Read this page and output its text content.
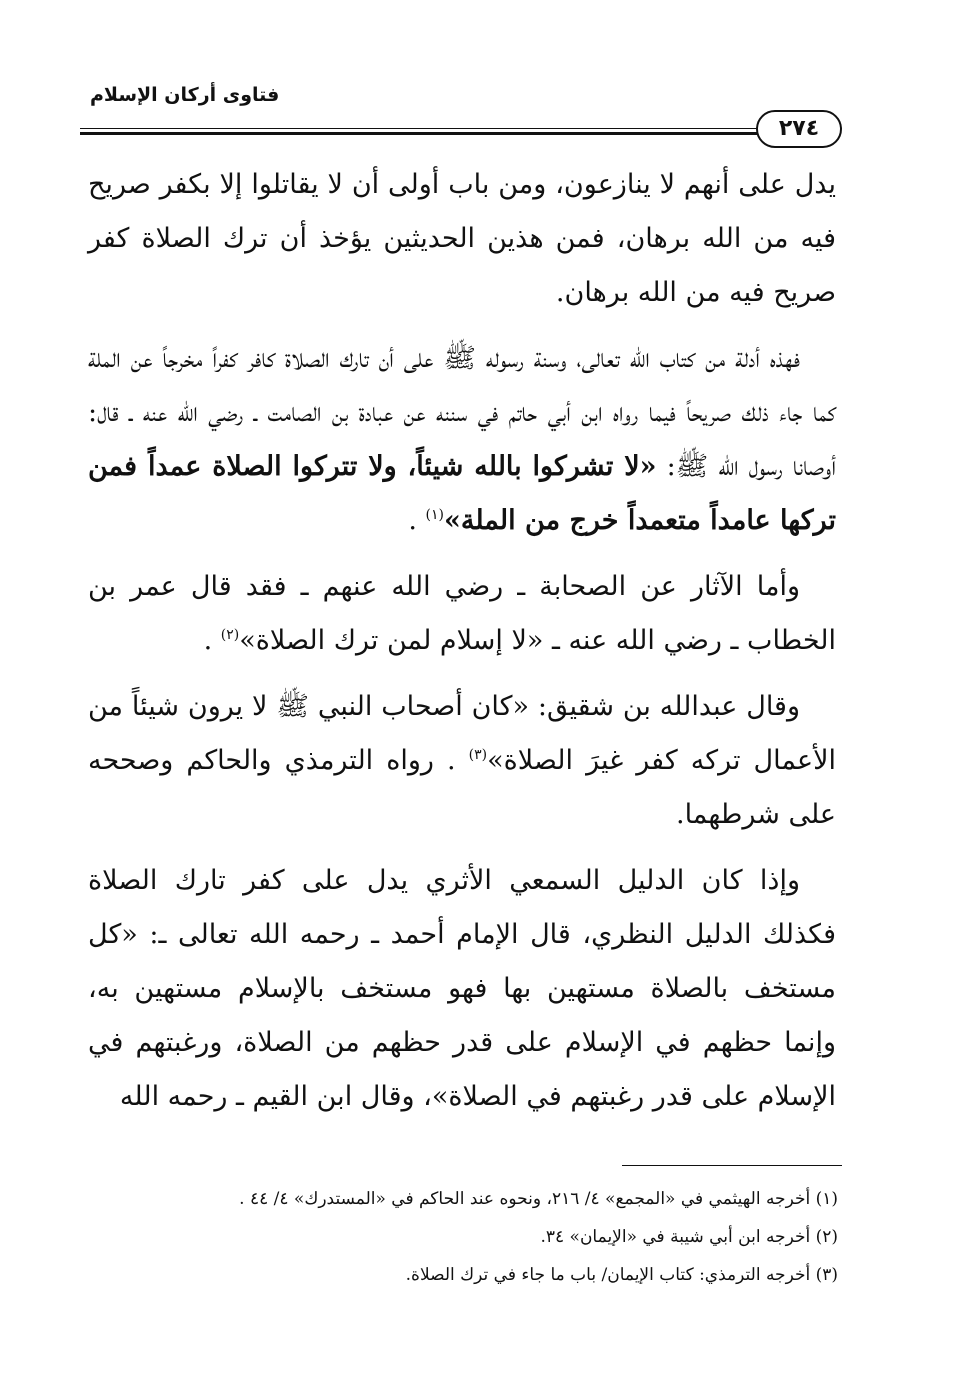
فتاوى أركان الإسلام
٢٧٤

يدل على أنهم لا ينازعون، ومن باب أولى أن لا يقاتلوا إلا بكفر صريح فيه من الله برهان، فمن هذين الحديثين يؤخذ أن ترك الصلاة كفر صريح فيه من الله برهان.

فهذه أدلة من كتاب الله تعالى، وسنة رسوله ﷺ على أن تارك الصلاة كافر كفراً مخرجاً عن الملة كما جاء ذلك صريحاً فيما رواه ابن أبي حاتم في سننه عن عبادة بن الصامت ـ رضي الله عنه ـ قال: أوصانا رسول الله ﷺ: «لا تشركوا بالله شيئاً، ولا تتركوا الصلاة عمداً فمن تركها عامداً متعمداً خرج من الملة»$^{(١)}$ .

وأما الآثار عن الصحابة ـ رضي الله عنهم ـ فقد قال عمر بن الخطاب ـ رضي الله عنه ـ «لا إسلام لمن ترك الصلاة»$^{(٢)}$ .

وقال عبدالله بن شقيق: «كان أصحاب النبي ﷺ لا يرون شيئاً من الأعمال تركه كفر غيرَ الصلاة»$^{(٣)}$ . رواه الترمذي والحاكم وصححه على شرطهما.

وإذا كان الدليل السمعي الأثري يدل على كفر تارك الصلاة فكذلك الدليل النظري، قال الإمام أحمد ـ رحمه الله تعالى ـ: «كل مستخف بالصلاة مستهين بها فهو مستخف بالإسلام مستهين به، وإنما حظهم في الإسلام على قدر حظهم من الصلاة، ورغبتهم في الإسلام على قدر رغبتهم في الصلاة»، وقال ابن القيم ـ رحمه الله

(١) أخرجه الهيثمي في «المجمع» ٤/ ٢١٦، ونحوه عند الحاكم في «المستدرك» ٤/ ٤٤ .
(٢) أخرجه ابن أبي شيبة في «الإيمان» ٣٤.
(٣) أخرجه الترمذي: كتاب الإيمان/ باب ما جاء في ترك الصلاة.
